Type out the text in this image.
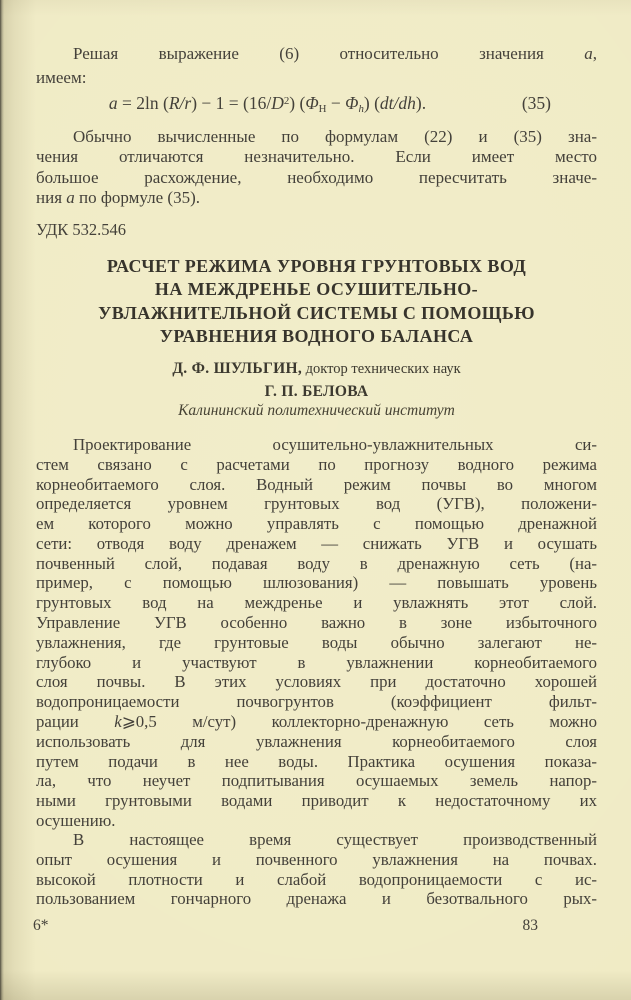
Решая выражение (6) относительно значения a,
имеем:
a = 2ln $(R/r) - 1 = (16/D^2) (\Phi H - \Phi h)$ (dt/dh).	(35)
Обычно вычисленные по формулам (22) и (35) зна-
чения отличаются незначительно. Если имеет место
большое расхождение, необходимо пересчитать значе-
ния a по формуле (35).
УДК 532.546
РАСЧЕТ РЕЖИМА УРОВНЯ ГРУНТОВЫХ ВОД
НА МЕЖДРЕНЬЕ ОСУШИТЕЛЬНО-
УВЛАЖНИТЕЛЬНОЙ СИСТЕМЫ С ПОМОЩЬЮ
УРАВНЕНИЯ ВОДНОГО БАЛАНСА
Д. Ф. ШУЛЬГИН, доктор технических наук
Г. П. БЕЛОВА
Калининский политехнический институт
Проектирование осушительно-увлажнительных си-
стем связано с расчетами по прогнозу водного режима
корнеобитаемого слоя. Водный режим почвы во многом
определяется уровнем грунтовых вод (УГВ), положени-
ем которого можно управлять с помощью дренажной
сети: отводя воду дренажем — снижать УГВ и осушать
почвенный слой, подавая воду в дренажную сеть (на-
пример, с помощью шлюзования) — повышать уровень
грунтовых вод на междренье и увлажнять этот слой.
Управление УГВ особенно важно в зоне избыточного
увлажнения, где грунтовые воды обычно залегают не-
глубоко и участвуют в увлажнении корнеобитаемого
слоя почвы. В этих условиях при достаточно хорошей
водопроницаемости почвогрунтов (коэффициент фильт-
рации k⩾0,5 м/сут) коллекторно-дренажную сеть можно
использовать для увлажнения корнеобитаемого слоя
путем подачи в нее воды. Практика осушения показа-
ла, что неучет подпитывания осушаемых земель напор-
ными грунтовыми водами приводит к недостаточному их
осушению.
В настоящее время существует производственный
опыт осушения и почвенного увлажнения на почвах.
высокой плотности и слабой водопроницаемости с ис-
пользованием гончарного дренажа и безотвального рых-
6*	83
